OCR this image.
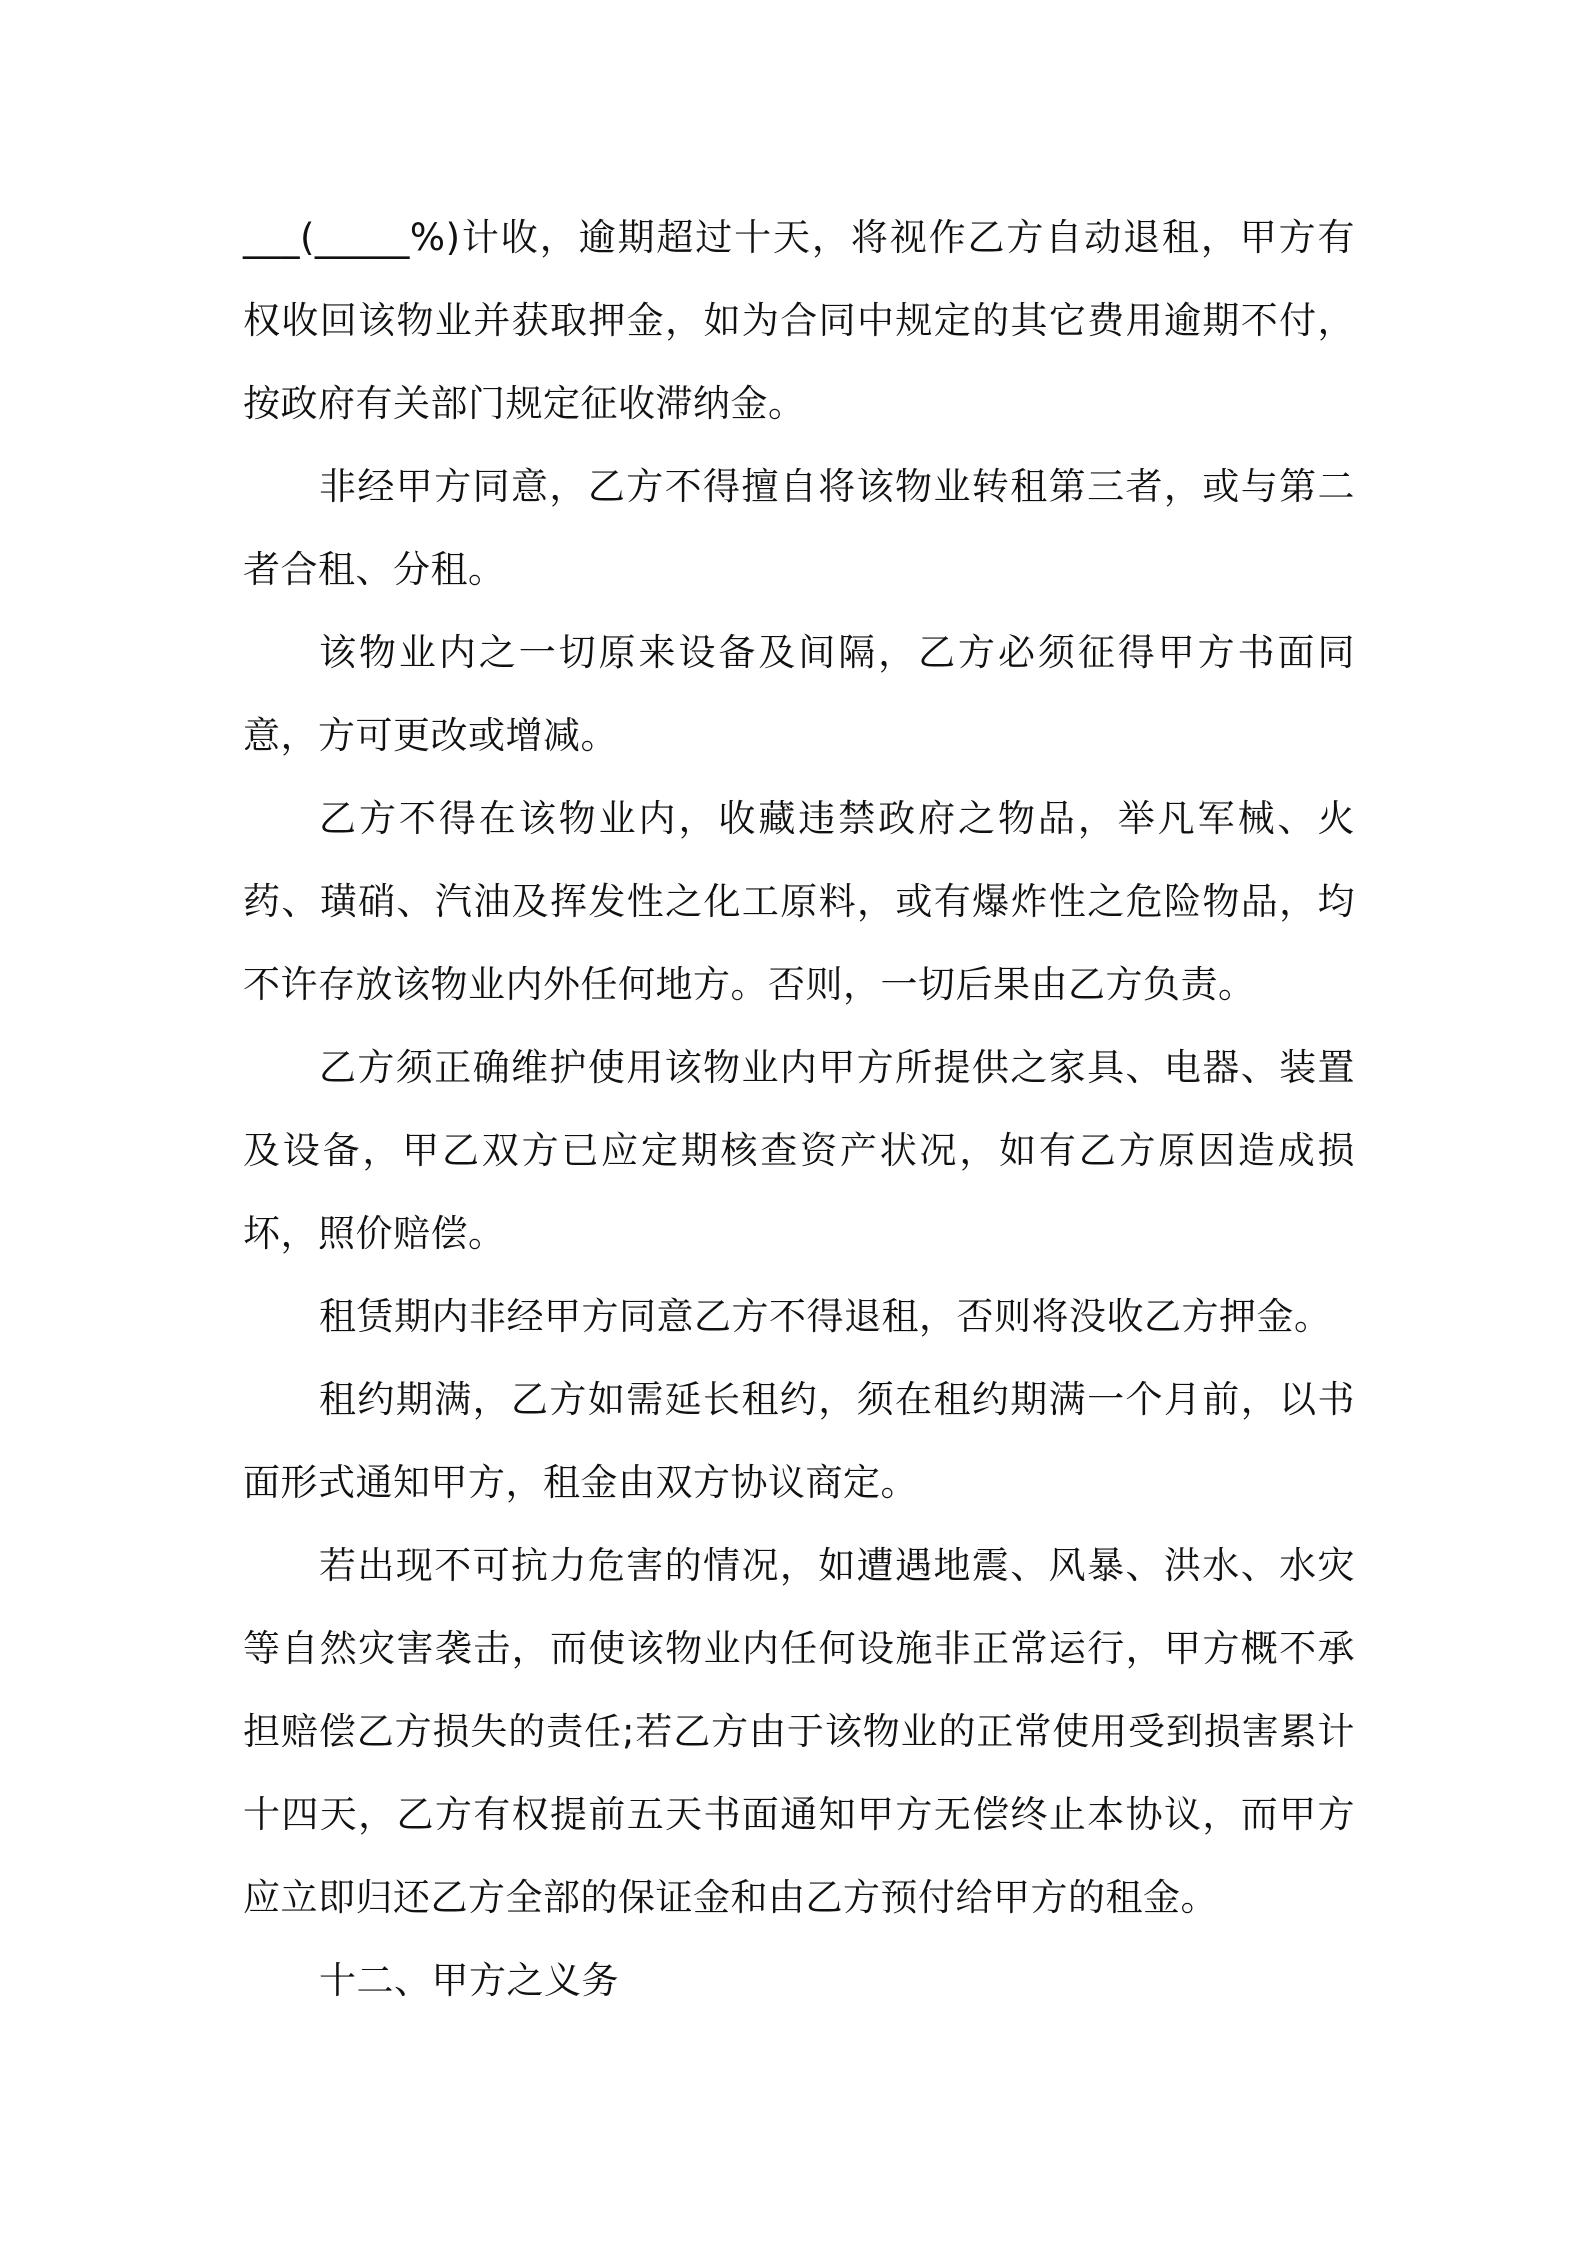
___(_____%)计收，逾期超过十天，将视作乙方自动退租，甲方有权收回该物业并获取押金，如为合同中规定的其它费用逾期不付，按政府有关部门规定征收滞纳金。

非经甲方同意，乙方不得擅自将该物业转租第三者，或与第二者合租、分租。

该物业内之一切原来设备及间隔，乙方必须征得甲方书面同意，方可更改或增减。

乙方不得在该物业内，收藏违禁政府之物品，举凡军械、火药、璜硝、汽油及挥发性之化工原料，或有爆炸性之危险物品，均不许存放该物业内外任何地方。否则，一切后果由乙方负责。

乙方须正确维护使用该物业内甲方所提供之家具、电器、装置及设备，甲乙双方已应定期核查资产状况，如有乙方原因造成损坏，照价赔偿。

租赁期内非经甲方同意乙方不得退租，否则将没收乙方押金。

租约期满，乙方如需延长租约，须在租约期满一个月前，以书面形式通知甲方，租金由双方协议商定。

若出现不可抗力危害的情况，如遭遇地震、风暴、洪水、水灾等自然灾害袭击，而使该物业内任何设施非正常运行，甲方概不承担赔偿乙方损失的责任;若乙方由于该物业的正常使用受到损害累计十四天，乙方有权提前五天书面通知甲方无偿终止本协议，而甲方应立即归还乙方全部的保证金和由乙方预付给甲方的租金。

十二、甲方之义务
